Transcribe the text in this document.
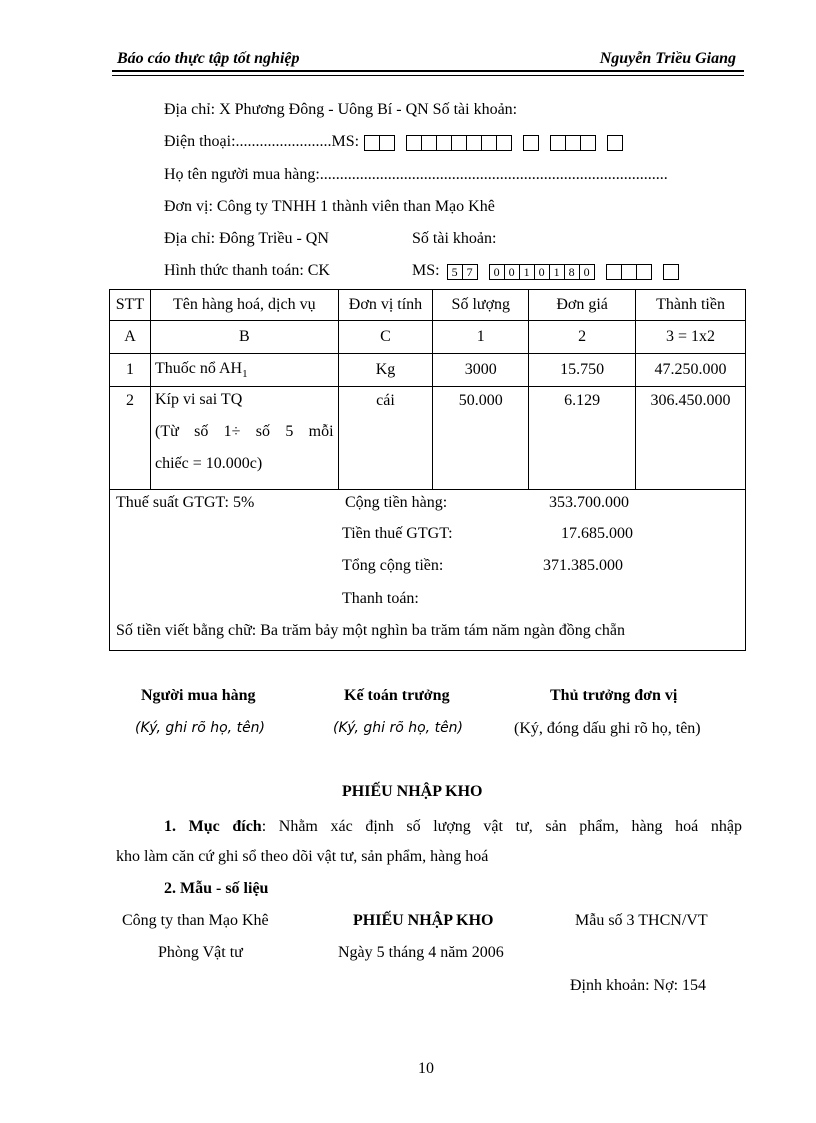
Báo cáo thực tập tốt nghiệp	Nguyễn Triều Giang
Địa chỉ: X Phương Đông - Uông Bí - QN Số tài khoản:
Điện thoại:........................MS:
Họ tên người mua hàng:.......................................................................................
Đơn vị: Công ty TNHH 1 thành viên than Mạo Khê
Địa chỉ: Đông Triều - QN	Số tài khoản:
Hình thức thanh toán: CK	MS: 5 7 0 0 1 0 1 8 0
STT	Tên hàng hoá, dịch vụ	Đơn vị tính	Số lượng	Đơn giá	Thành tiền
A	B	C	1	2	3 = 1x2
1	Thuốc nổ $AH_1$	Kg	3000	15.750	47.250.000
2	Kíp vi sai TQ
(Từ số 1÷ số 5 mỗi
chiếc = 10.000c)	cái	50.000	6.129	306.450.000
Thuế suất GTGT: 5%	Cộng tiền hàng:	353.700.000
Tiền thuế GTGT:	17.685.000
Tổng cộng tiền:	371.385.000
Thanh toán:
Số tiền viết bằng chữ: Ba trăm bảy một nghìn ba trăm tám năm ngàn đồng chẵn
Người mua hàng
(Ký, ghi rõ họ, tên)
Kế toán trưởng
(Ký, ghi rõ họ, tên)
Thủ trưởng đơn vị
(Ký, đóng dấu ghi rõ họ, tên)
PHIẾU NHẬP KHO
1. Mục đích: Nhằm xác định số lượng vật tư, sản phẩm, hàng hoá nhập
kho làm căn cứ ghi sổ theo dõi vật tư, sản phẩm, hàng hoá
2. Mẫu - số liệu
Công ty than Mạo Khê	PHIẾU NHẬP KHO	Mẫu số 3 THCN/VT
Phòng Vật tư	Ngày 5 tháng 4 năm 2006
Định khoản: Nợ: 154
10
